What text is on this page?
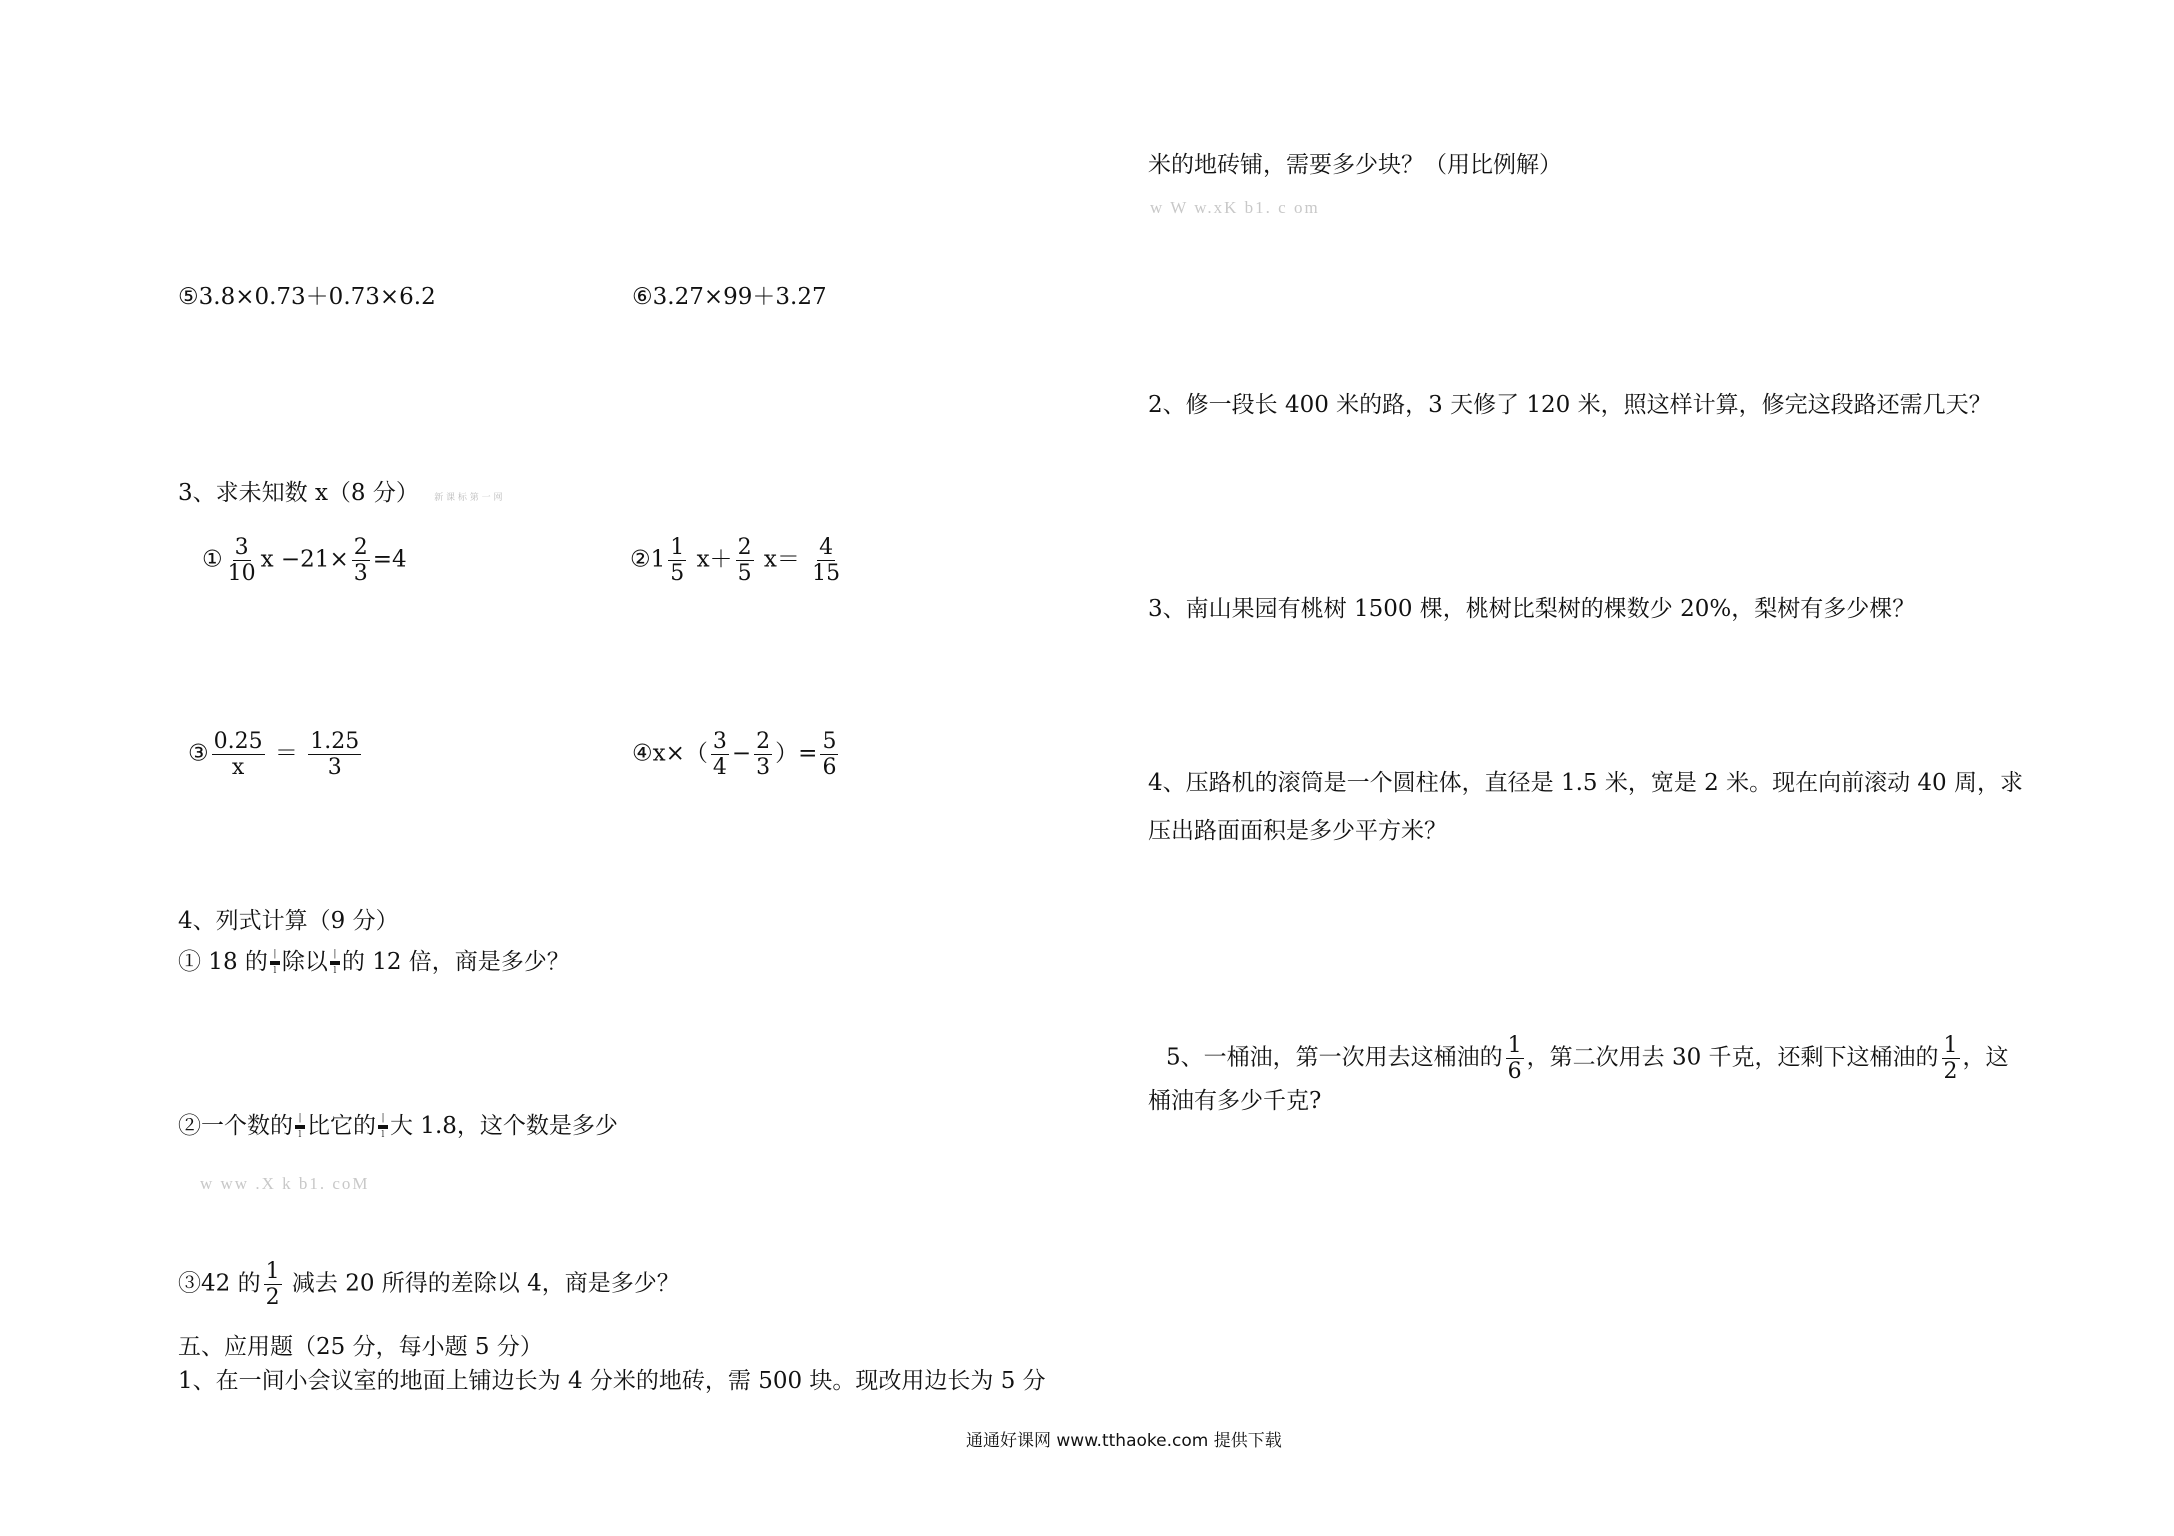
⑤3.8×0.73＋0.73×6.2	⑥3.27×99＋3.27
3、求未知数 x（8 分） 新 课 标 第 一 网
① $\frac{3}{10}$ $x -21\times \frac{2}{3} =4$	②1 $\frac{1}{5} x+ \frac{2}{5} x= \frac{4}{15}$
③ $\frac{0.25}{x} = \frac{1.25}{3}$	④x×（ $\frac{3}{4} - \frac{2}{3}$ ）= $\frac{5}{6}$
4、列式计算（9 分）
① 18 的 |
l 除以 |
l 的 12 倍，商是多少？
②一个数的 |
l 比它的 |
l 大 1.8，这个数是多少
w ww .X k b1. coM
③42 的 $\frac{1}{2}$ 减去 20 所得的差除以 4，商是多少？
五、应用题（25 分，每小题 5 分）
1、在一间小会议室的地面上铺边长为 4 分米的地砖，需 500 块。现改用边长为 5 分
米的地砖铺，需要多少块？（用比例解）
w W w.xK b1. c om
2、修一段长 400 米的路，3 天修了 120 米，照这样计算，修完这段路还需几天？
3、南山果园有桃树 1500 棵，桃树比梨树的棵数少 20%，梨树有多少棵？
4、压路机的滚筒是一个圆柱体，直径是 1.5 米，宽是 2 米。现在向前滚动 40 周，求
压出路面面积是多少平方米？
5、一桶油，第一次用去这桶油的 $\frac{1}{6}$ ，第二次用去 30 千克，还剩下这桶油的 $\frac{1}{2}$ ，这
桶油有多少千克?
通通好课网 www.tthaoke.com 提供下载
